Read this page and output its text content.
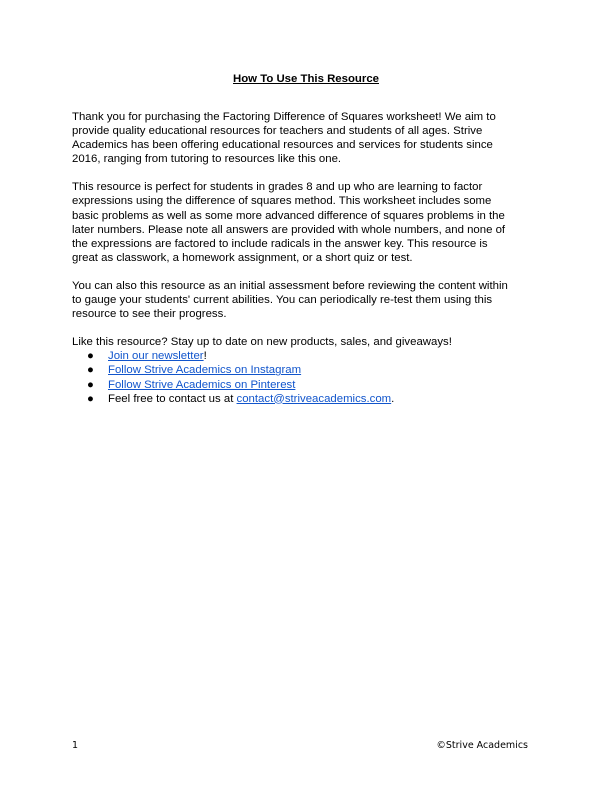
How To Use This Resource
Thank you for purchasing the Factoring Difference of Squares worksheet! We aim to
provide quality educational resources for teachers and students of all ages. Strive
Academics has been offering educational resources and services for students since
2016, ranging from tutoring to resources like this one.
This resource is perfect for students in grades 8 and up who are learning to factor
expressions using the difference of squares method. This worksheet includes some
basic problems as well as some more advanced difference of squares problems in the
later numbers. Please note all answers are provided with whole numbers, and none of
the expressions are factored to include radicals in the answer key. This resource is
great as classwork, a homework assignment, or a short quiz or test.
You can also this resource as an initial assessment before reviewing the content within
to gauge your students' current abilities. You can periodically re-test them using this
resource to see their progress.
Like this resource? Stay up to date on new products, sales, and giveaways!
● Join our newsletter!
● Follow Strive Academics on Instagram
● Follow Strive Academics on Pinterest
● Feel free to contact us at contact@striveacademics.com.
1	©Strive Academics
